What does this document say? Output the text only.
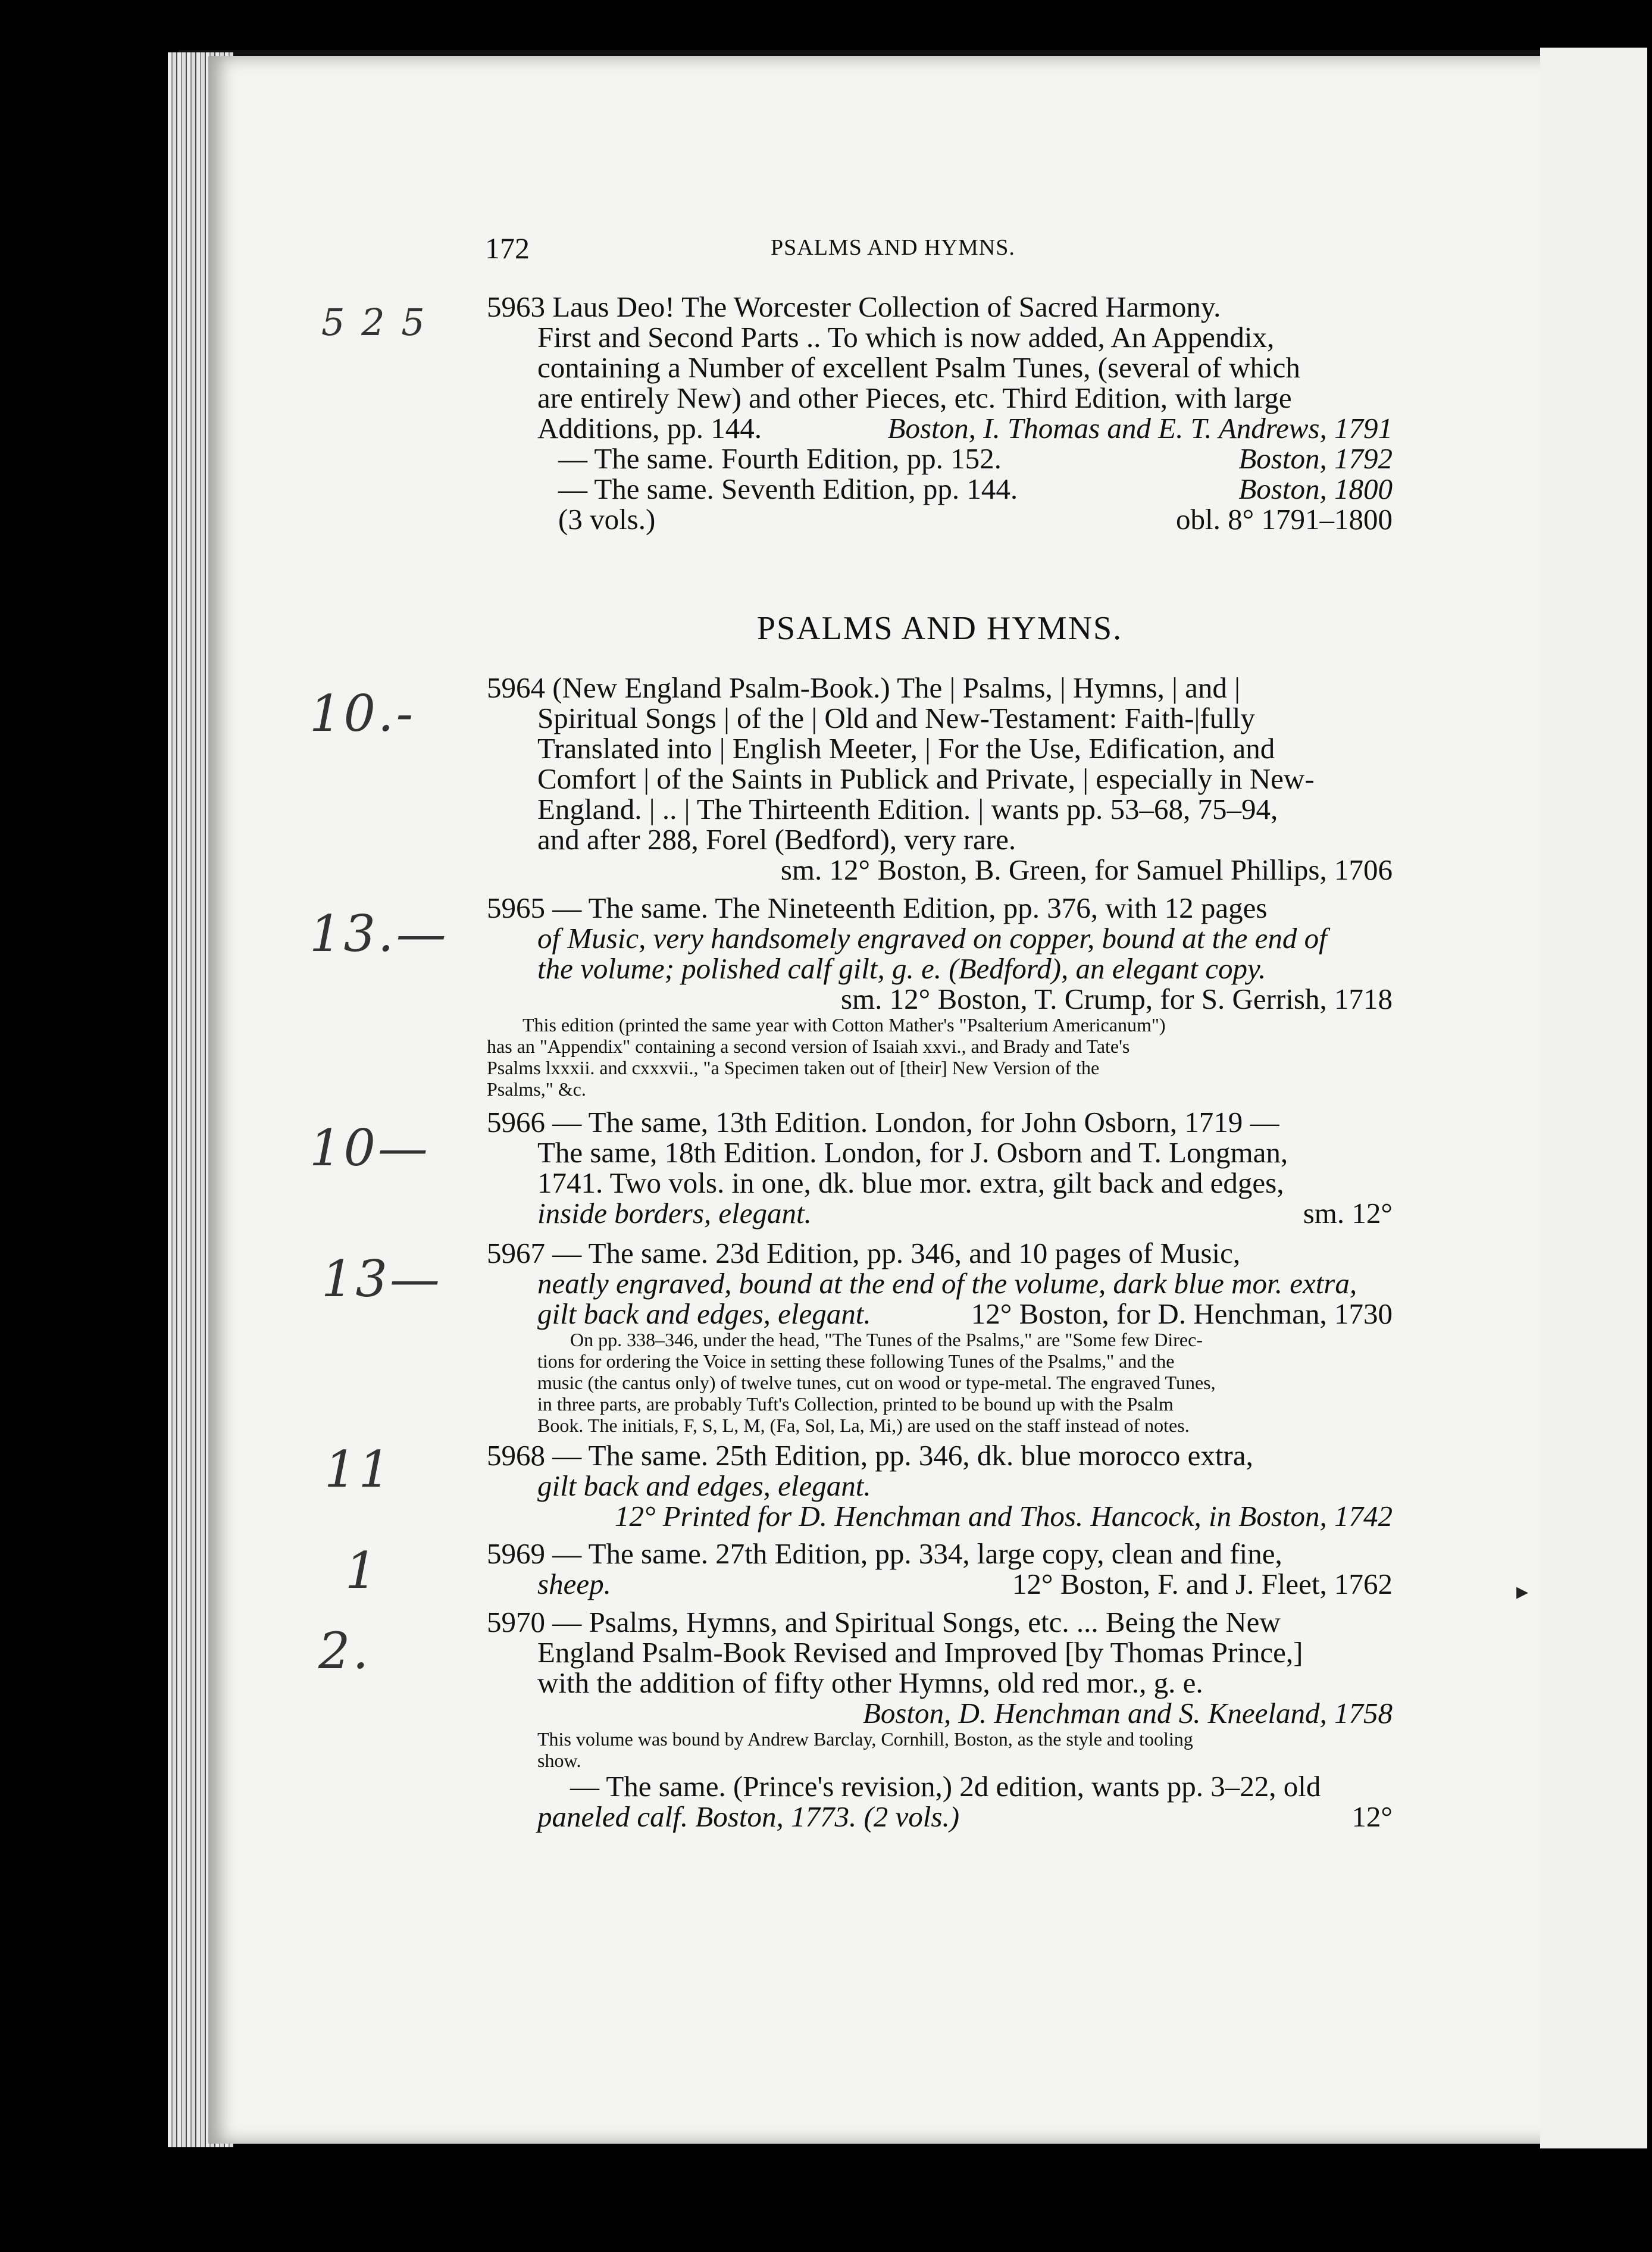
▸
172	PSALMS AND HYMNS.
5 2 5
10.-
13.—
10—
13—
11
1
2.
5963 Laus Deo! The Worcester Collection of Sacred Harmony.
First and Second Parts .. To which is now added, An Appendix,
containing a Number of excellent Psalm Tunes, (several of which
are entirely New) and other Pieces, etc. Third Edition, with large
Additions, pp. 144.	Boston, I. Thomas and E. T. Andrews, 1791
— The same. Fourth Edition, pp. 152.	Boston, 1792
— The same. Seventh Edition, pp. 144.	Boston, 1800
(3 vols.)	obl. 8° 1791–1800
PSALMS AND HYMNS.
5964 (New England Psalm-Book.) The | Psalms, | Hymns, | and |
Spiritual Songs | of the | Old and New-Testament: Faith-|fully
Translated into | English Meeter, | For the Use, Edification, and
Comfort | of the Saints in Publick and Private, | especially in New-
England. | .. | The Thirteenth Edition. | wants pp. 53–68, 75–94,
and after 288, Forel (Bedford), very rare.
sm. 12° Boston, B. Green, for Samuel Phillips, 1706
5965 — The same. The Nineteenth Edition, pp. 376, with 12 pages
of Music, very handsomely engraved on copper, bound at the end of
the volume; polished calf gilt, g. e. (Bedford), an elegant copy.
sm. 12° Boston, T. Crump, for S. Gerrish, 1718
This edition (printed the same year with Cotton Mather's "Psalterium Americanum")
has an "Appendix" containing a second version of Isaiah xxvi., and Brady and Tate's
Psalms lxxxii. and cxxxvii., "a Specimen taken out of [their] New Version of the
Psalms," &c.
5966 — The same, 13th Edition. London, for John Osborn, 1719 —
The same, 18th Edition. London, for J. Osborn and T. Longman,
1741. Two vols. in one, dk. blue mor. extra, gilt back and edges,
inside borders, elegant.	sm. 12°
5967 — The same. 23d Edition, pp. 346, and 10 pages of Music,
neatly engraved, bound at the end of the volume, dark blue mor. extra,
gilt back and edges, elegant.	12° Boston, for D. Henchman, 1730
On pp. 338–346, under the head, "The Tunes of the Psalms," are "Some few Direc-
tions for ordering the Voice in setting these following Tunes of the Psalms," and the
music (the cantus only) of twelve tunes, cut on wood or type-metal. The engraved Tunes,
in three parts, are probably Tuft's Collection, printed to be bound up with the Psalm
Book. The initials, F, S, L, M, (Fa, Sol, La, Mi,) are used on the staff instead of notes.
5968 — The same. 25th Edition, pp. 346, dk. blue morocco extra,
gilt back and edges, elegant.
12° Printed for D. Henchman and Thos. Hancock, in Boston, 1742
5969 — The same. 27th Edition, pp. 334, large copy, clean and fine,
sheep.	12° Boston, F. and J. Fleet, 1762
5970 — Psalms, Hymns, and Spiritual Songs, etc. ... Being the New
England Psalm-Book Revised and Improved [by Thomas Prince,]
with the addition of fifty other Hymns, old red mor., g. e.
Boston, D. Henchman and S. Kneeland, 1758
This volume was bound by Andrew Barclay, Cornhill, Boston, as the style and tooling
show.
— The same. (Prince's revision,) 2d edition, wants pp. 3–22, old
paneled calf. Boston, 1773. (2 vols.)	12°
